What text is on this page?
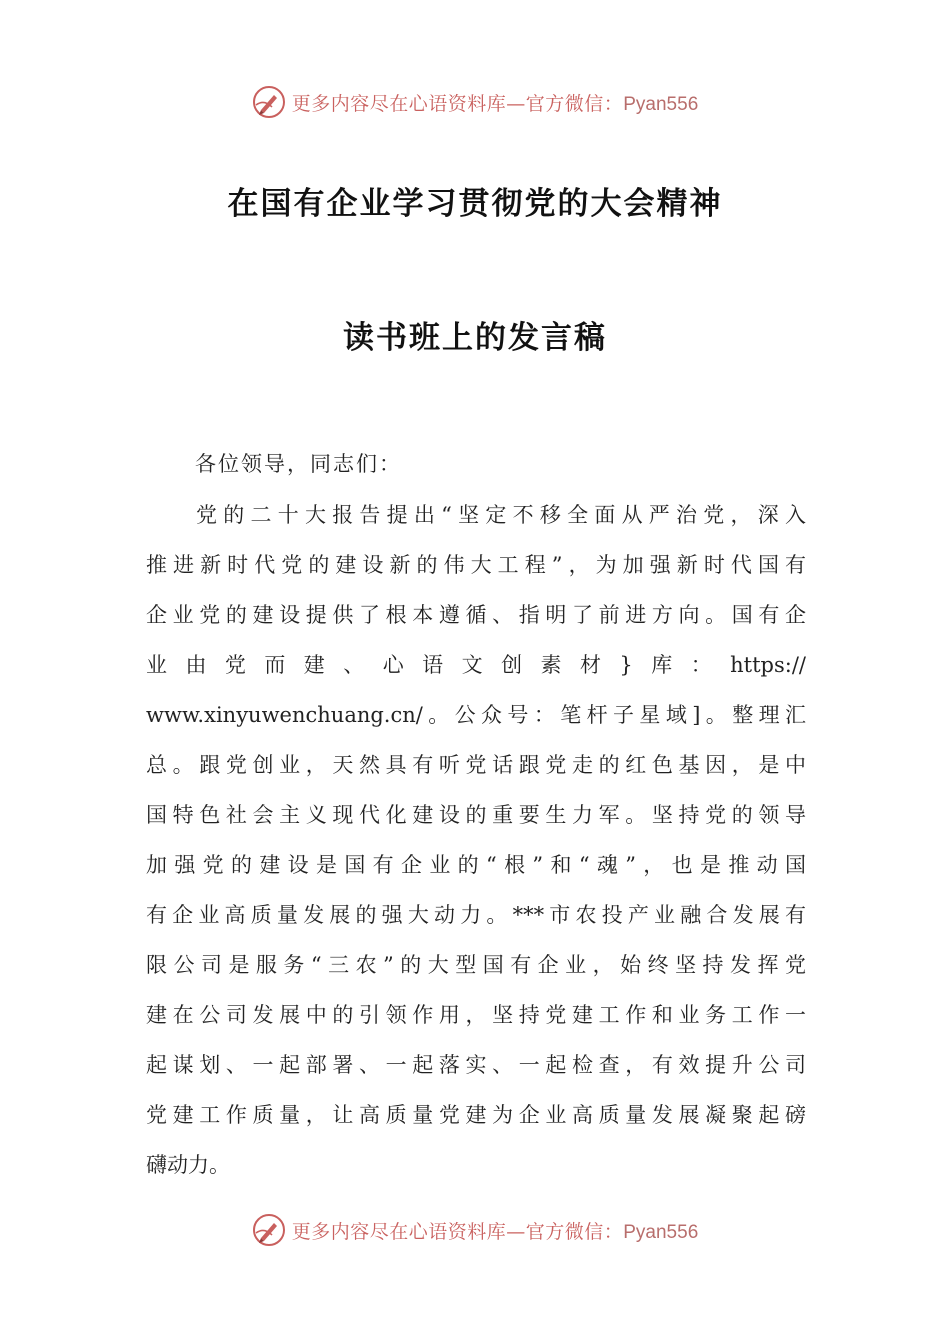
更多内容尽在心语资料库—官方微信：Pyan556
在国有企业学习贯彻党的大会精神
读书班上的发言稿
各位领导，同志们：
党的二十大报告提出“坚定不移全面从严治党，深入
推进新时代党的建设新的伟大工程”，为加强新时代国有
企业党的建设提供了根本遵循、指明了前进方向。国有企
业由党而建、心语文创素材}库：https://
www.xinyuwenchuang.cn/。公众号：笔杆子星域]。整理汇
总。跟党创业，天然具有听党话跟党走的红色基因，是中
国特色社会主义现代化建设的重要生力军。坚持党的领导
加强党的建设是国有企业的“根”和“魂”，也是推动国
有企业高质量发展的强大动力。***市农投产业融合发展有
限公司是服务“三农”的大型国有企业，始终坚持发挥党
建在公司发展中的引领作用，坚持党建工作和业务工作一
起谋划、一起部署、一起落实、一起检查，有效提升公司
党建工作质量，让高质量党建为企业高质量发展凝聚起磅
礴动力。
更多内容尽在心语资料库—官方微信：Pyan556
